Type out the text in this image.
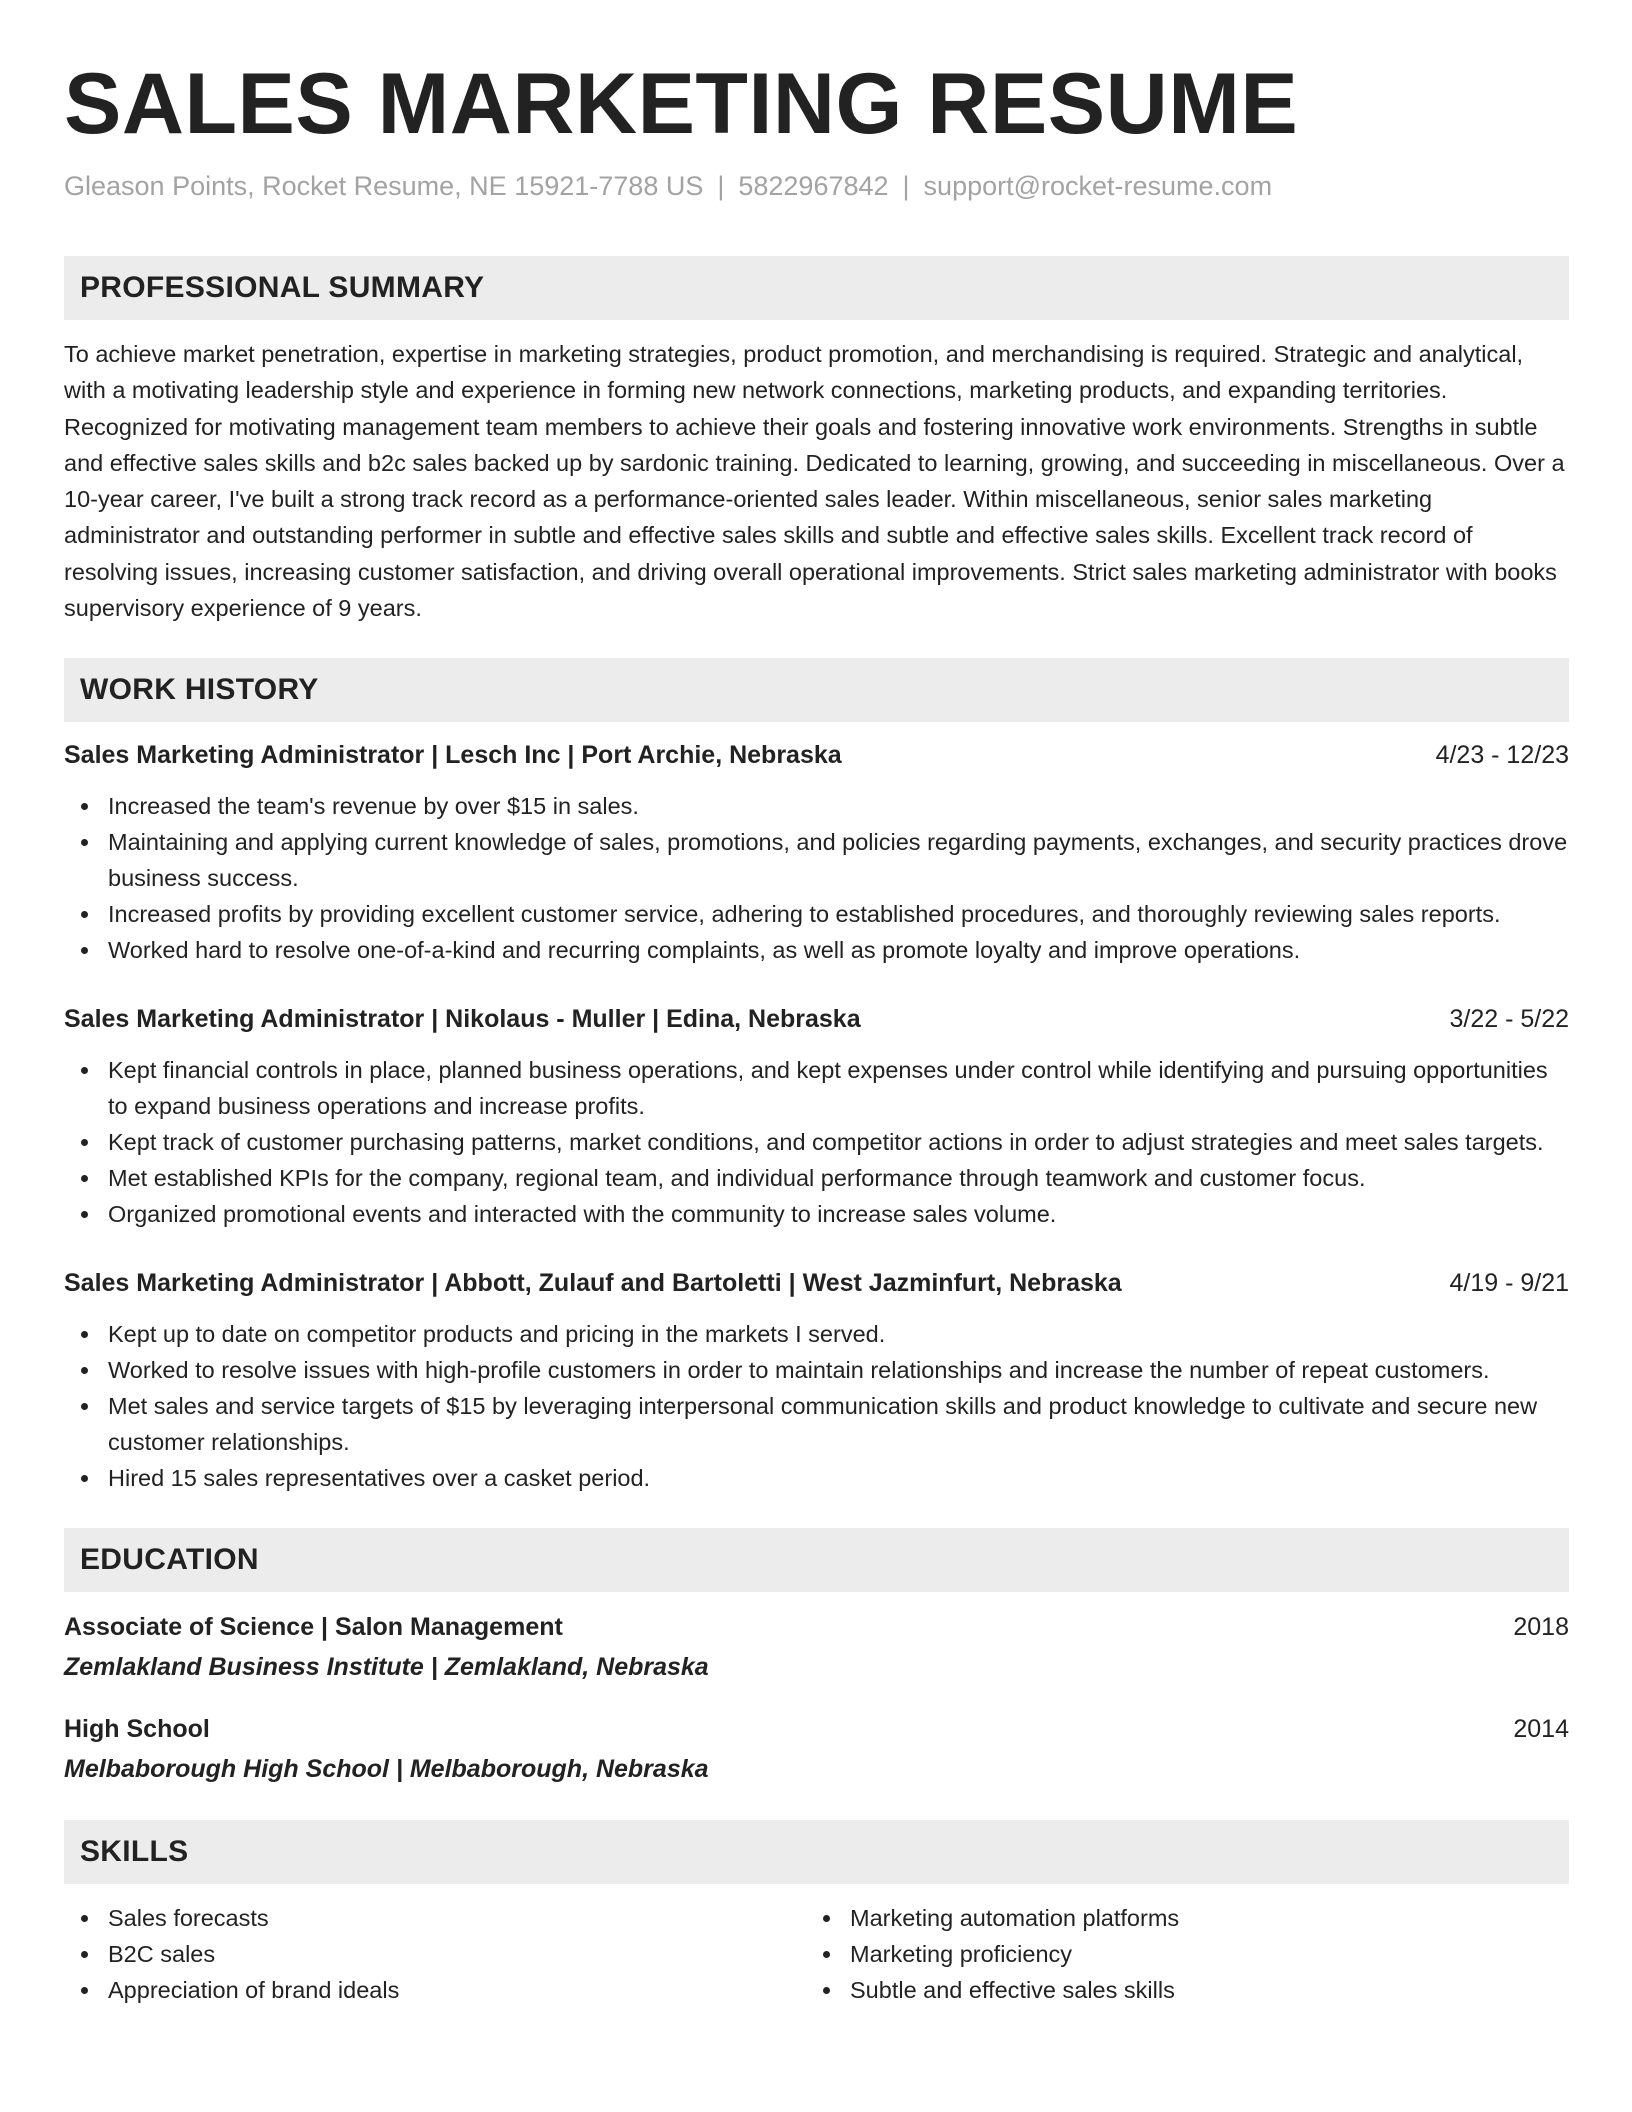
SALES MARKETING RESUME
Gleason Points, Rocket Resume, NE 15921-7788 US | 5822967842 | support@rocket-resume.com
PROFESSIONAL SUMMARY

To achieve market penetration, expertise in marketing strategies, product promotion, and merchandising is required. Strategic and analytical, with a motivating leadership style and experience in forming new network connections, marketing products, and expanding territories. Recognized for motivating management team members to achieve their goals and fostering innovative work environments. Strengths in subtle and effective sales skills and b2c sales backed up by sardonic training. Dedicated to learning, growing, and succeeding in miscellaneous. Over a 10-year career, I've built a strong track record as a performance-oriented sales leader. Within miscellaneous, senior sales marketing administrator and outstanding performer in subtle and effective sales skills and subtle and effective sales skills. Excellent track record of resolving issues, increasing customer satisfaction, and driving overall operational improvements. Strict sales marketing administrator with books supervisory experience of 9 years.

WORK HISTORY
Sales Marketing Administrator | Lesch Inc | Port Archie, Nebraska	4/23 - 12/23
Increased the team's revenue by over $15 in sales.
Maintaining and applying current knowledge of sales, promotions, and policies regarding payments, exchanges, and security practices drove business success.
Increased profits by providing excellent customer service, adhering to established procedures, and thoroughly reviewing sales reports.
Worked hard to resolve one-of-a-kind and recurring complaints, as well as promote loyalty and improve operations.
Sales Marketing Administrator | Nikolaus - Muller | Edina, Nebraska	3/22 - 5/22
Kept financial controls in place, planned business operations, and kept expenses under control while identifying and pursuing opportunities to expand business operations and increase profits.
Kept track of customer purchasing patterns, market conditions, and competitor actions in order to adjust strategies and meet sales targets.
Met established KPIs for the company, regional team, and individual performance through teamwork and customer focus.
Organized promotional events and interacted with the community to increase sales volume.
Sales Marketing Administrator | Abbott, Zulauf and Bartoletti | West Jazminfurt, Nebraska	4/19 - 9/21
Kept up to date on competitor products and pricing in the markets I served.
Worked to resolve issues with high-profile customers in order to maintain relationships and increase the number of repeat customers.
Met sales and service targets of $15 by leveraging interpersonal communication skills and product knowledge to cultivate and secure new customer relationships.
Hired 15 sales representatives over a casket period.
EDUCATION
Associate of Science | Salon Management	2018
Zemlakland Business Institute | Zemlakland, Nebraska
High School	2014
Melbaborough High School | Melbaborough, Nebraska
SKILLS
Sales forecasts
B2C sales
Appreciation of brand ideals
Marketing automation platforms
Marketing proficiency
Subtle and effective sales skills
